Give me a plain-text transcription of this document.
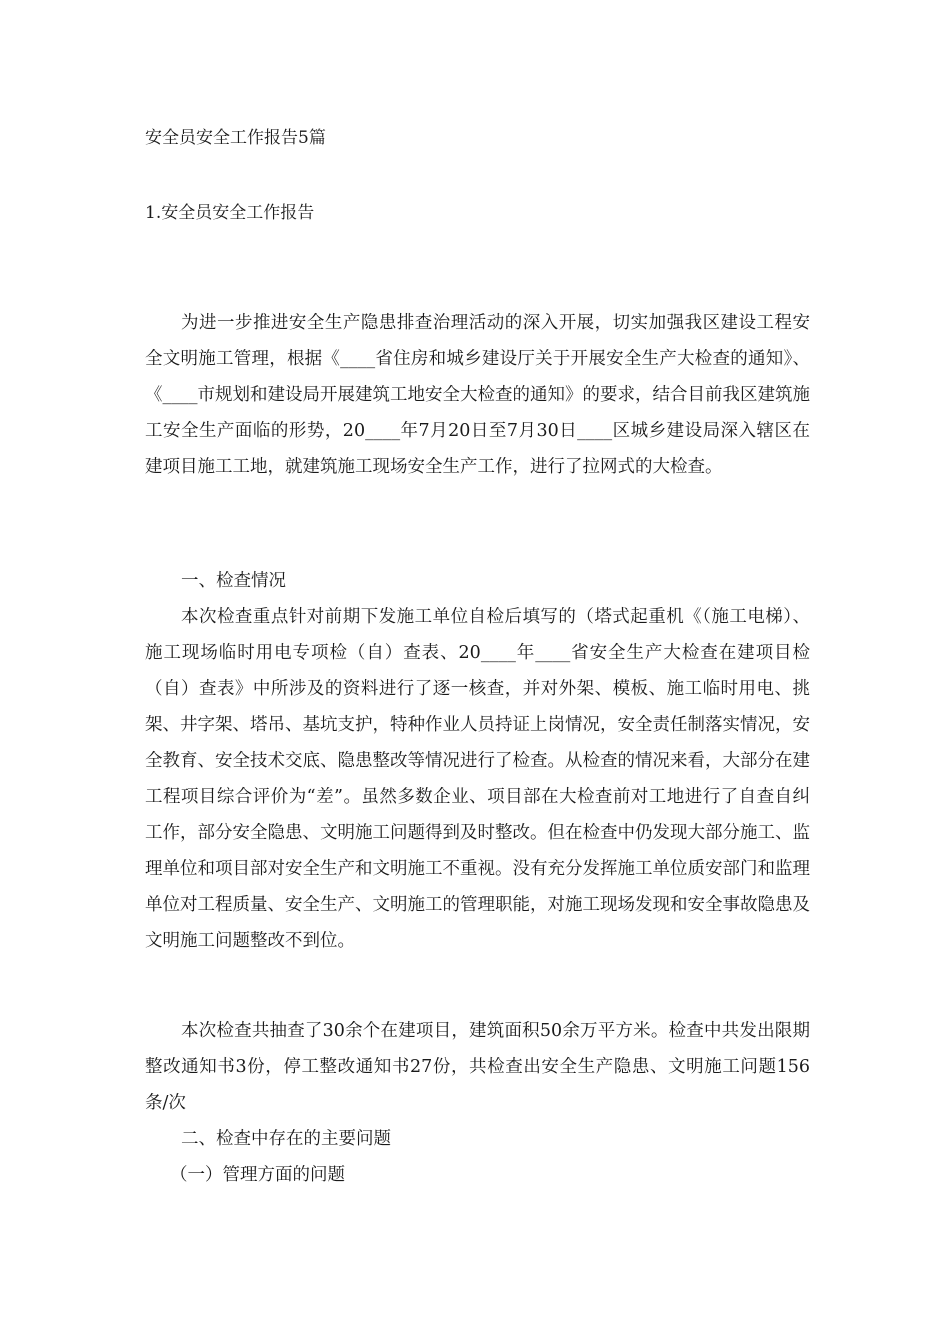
安全员安全工作报告5篇
1.安全员安全工作报告

为进一步推进安全生产隐患排查治理活动的深入开展，切实加强我区建设工程安全文明施工管理，根据《____省住房和城乡建设厅关于开展安全生产大检查的通知》、《____市规划和建设局开展建筑工地安全大检查的通知》的要求，结合目前我区建筑施工安全生产面临的形势，20____年7月20日至7月30日____区城乡建设局深入辖区在建项目施工工地，就建筑施工现场安全生产工作，进行了拉网式的大检查。

一、检查情况

本次检查重点针对前期下发施工单位自检后填写的（塔式起重机《（施工电梯）、施工现场临时用电专项检（自）查表、20____年____省安全生产大检查在建项目检（自）查表》中所涉及的资料进行了逐一核查，并对外架、模板、施工临时用电、挑架、井字架、塔吊、基坑支护，特种作业人员持证上岗情况，安全责任制落实情况，安全教育、安全技术交底、隐患整改等情况进行了检查。从检查的情况来看，大部分在建工程项目综合评价为“差”。虽然多数企业、项目部在大检查前对工地进行了自查自纠工作，部分安全隐患、文明施工问题得到及时整改。但在检查中仍发现大部分施工、监理单位和项目部对安全生产和文明施工不重视。没有充分发挥施工单位质安部门和监理单位对工程质量、安全生产、文明施工的管理职能，对施工现场发现和安全事故隐患及文明施工问题整改不到位。

本次检查共抽查了30余个在建项目，建筑面积50余万平方米。检查中共发出限期整改通知书3份，停工整改通知书27份，共检查出安全生产隐患、文明施工问题156条/次

二、检查中存在的主要问题

（一）管理方面的问题
